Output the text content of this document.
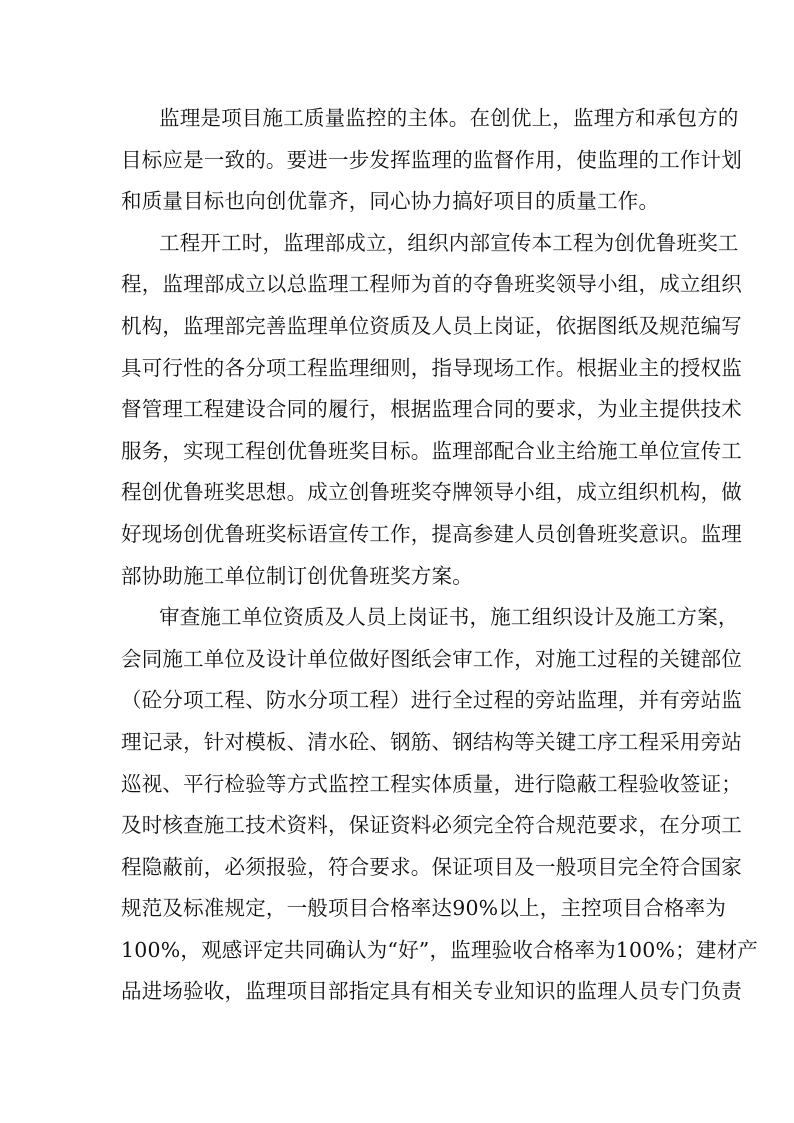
监理是项目施工质量监控的主体。在创优上，监理方和承包方的
目标应是一致的。要进一步发挥监理的监督作用，使监理的工作计划
和质量目标也向创优靠齐，同心协力搞好项目的质量工作。
工程开工时，监理部成立，组织内部宣传本工程为创优鲁班奖工
程，监理部成立以总监理工程师为首的夺鲁班奖领导小组，成立组织
机构，监理部完善监理单位资质及人员上岗证，依据图纸及规范编写
具可行性的各分项工程监理细则，指导现场工作。根据业主的授权监
督管理工程建设合同的履行，根据监理合同的要求，为业主提供技术
服务，实现工程创优鲁班奖目标。监理部配合业主给施工单位宣传工
程创优鲁班奖思想。成立创鲁班奖夺牌领导小组，成立组织机构，做
好现场创优鲁班奖标语宣传工作，提高参建人员创鲁班奖意识。监理
部协助施工单位制订创优鲁班奖方案。
审查施工单位资质及人员上岗证书，施工组织设计及施工方案，
会同施工单位及设计单位做好图纸会审工作，对施工过程的关键部位
（砼分项工程、防水分项工程）进行全过程的旁站监理，并有旁站监
理记录，针对模板、清水砼、钢筋、钢结构等关键工序工程采用旁站
巡视、平行检验等方式监控工程实体质量，进行隐蔽工程验收签证；
及时核查施工技术资料，保证资料必须完全符合规范要求，在分项工
程隐蔽前，必须报验，符合要求。保证项目及一般项目完全符合国家
规范及标准规定，一般项目合格率达90%以上，主控项目合格率为
100%，观感评定共同确认为“好”，监理验收合格率为100%；建材产
品进场验收，监理项目部指定具有相关专业知识的监理人员专门负责
